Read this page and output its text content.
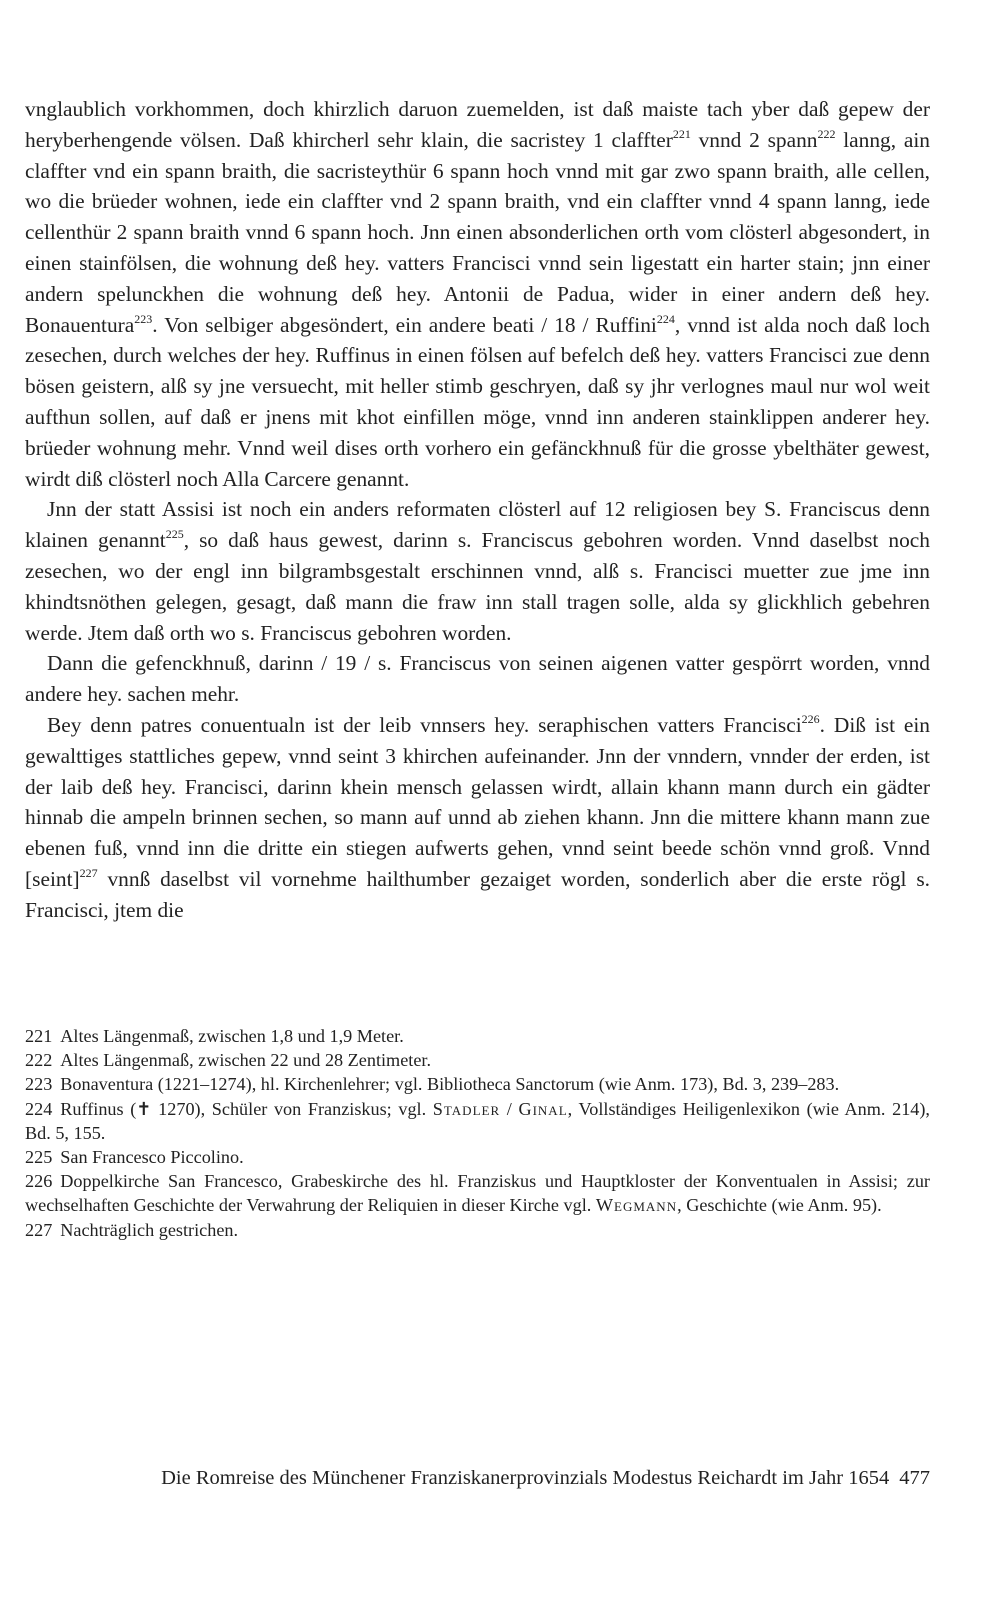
vnglaublich vorkhommen, doch khirzlich daruon zuemelden, ist daß maiste tach yber daß gepew der heryberhengende völsen. Daß khircherl sehr klain, die sacristey 1 claffter$^{221}$ vnnd 2 spann$^{222}$ lanng, ain claffter vnd ein spann braith, die sacristeythür 6 spann hoch vnnd mit gar zwo spann braith, alle cellen, wo die brüeder wohnen, iede ein claffter vnd 2 spann braith, vnd ein claffter vnnd 4 spann lanng, iede cellenthür 2 spann braith vnnd 6 spann hoch. Jnn einen absonderlichen orth vom clösterl abgesondert, in einen stainfölsen, die wohnung deß hey. vatters Francisci vnnd sein ligestatt ein harter stain; jnn einer andern spelunckhen die wohnung deß hey. Antonii de Padua, wider in einer andern deß hey. Bonauentura$^{223}$. Von selbiger abgesöndert, ein andere beati / 18 / Ruffini$^{224}$, vnnd ist alda noch daß loch zesechen, durch welches der hey. Ruffinus in einen fölsen auf befelch deß hey. vatters Francisci zue denn bösen geistern, alß sy jne versuecht, mit heller stimb geschryen, daß sy jhr verlognes maul nur wol weit aufthun sollen, auf daß er jnens mit khot einfillen möge, vnnd inn anderen stainklippen anderer hey. brüeder wohnung mehr. Vnnd weil dises orth vorhero ein gefänckhnuß für die grosse ybelthäter gewest, wirdt diß clösterl noch Alla Carcere genannt.

Jnn der statt Assisi ist noch ein anders reformaten clösterl auf 12 religiosen bey S. Franciscus denn klainen genannt$^{225}$, so daß haus gewest, darinn s. Franciscus gebohren worden. Vnnd daselbst noch zesechen, wo der engl inn bilgrambsgestalt erschinnen vnnd, alß s. Francisci muetter zue jme inn khindtsnöthen gelegen, gesagt, daß mann die fraw inn stall tragen solle, alda sy glickhlich gebehren werde. Jtem daß orth wo s. Franciscus gebohren worden.

Dann die gefenckhnuß, darinn / 19 / s. Franciscus von seinen aigenen vatter gespörrt worden, vnnd andere hey. sachen mehr.

Bey denn patres conuentualn ist der leib vnnsers hey. seraphischen vatters Francisci$^{226}$. Diß ist ein gewalttiges stattliches gepew, vnnd seint 3 khirchen aufeinander. Jnn der vnndern, vnnder der erden, ist der laib deß hey. Francisci, darinn khein mensch gelassen wirdt, allain khann mann durch ein gädter hinnab die ampeln brinnen sechen, so mann auf unnd ab ziehen khann. Jnn die mittere khann mann zue ebenen fuß, vnnd inn die dritte ein stiegen aufwerts gehen, vnnd seint beede schön vnnd groß. Vnnd [seint]$^{227}$ vnnß daselbst vil vornehme hailthumber gezaiget worden, sonderlich aber die erste rögl s. Francisci, jtem die

221 Altes Längenmaß, zwischen 1,8 und 1,9 Meter.

222 Altes Längenmaß, zwischen 22 und 28 Zentimeter.

223 Bonaventura (1221–1274), hl. Kirchenlehrer; vgl. Bibliotheca Sanctorum (wie Anm. 173), Bd. 3, 239–283.

224 Ruffinus (✝ 1270), Schüler von Franziskus; vgl. Stadler / Ginal, Vollständiges Heiligenlexikon (wie Anm. 214), Bd. 5, 155.

225 San Francesco Piccolino.

226 Doppelkirche San Francesco, Grabeskirche des hl. Franziskus und Hauptkloster der Konventualen in Assisi; zur wechselhaften Geschichte der Verwahrung der Reliquien in dieser Kirche vgl. Wegmann, Geschichte (wie Anm. 95).

227 Nachträglich gestrichen.

Die Romreise des Münchener Franziskanerprovinzials Modestus Reichardt im Jahr 1654 477
